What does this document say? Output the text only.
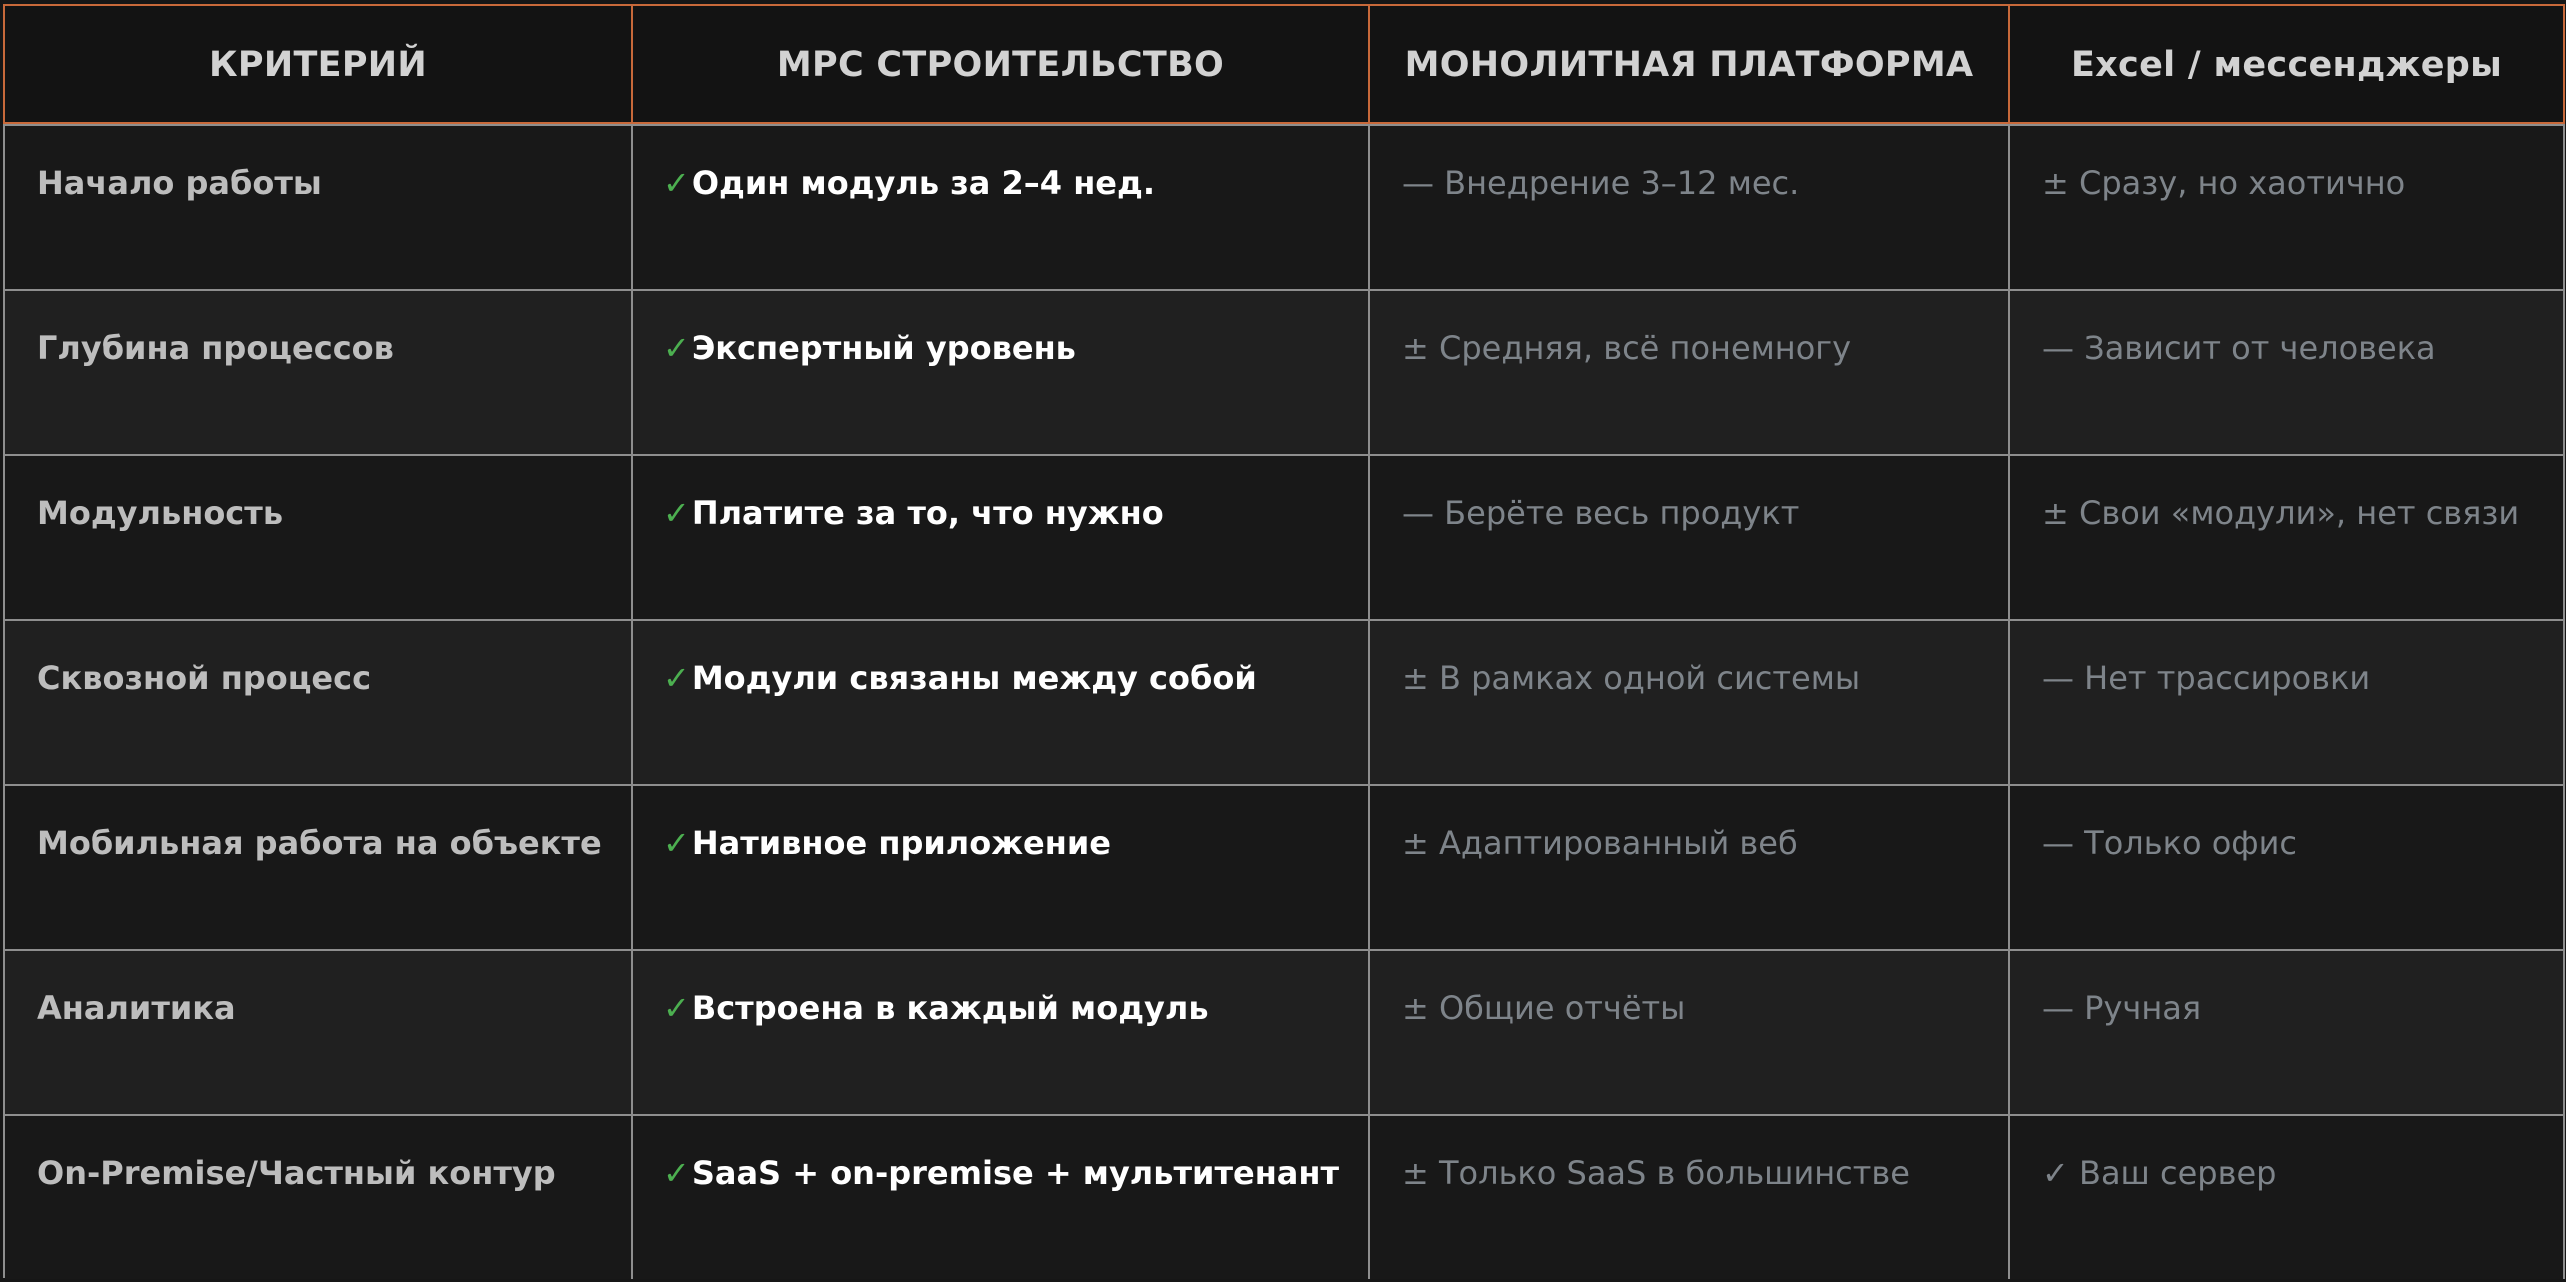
КРИТЕРИЙ	МРС СТРОИТЕЛЬСТВО	МОНОЛИТНАЯ ПЛАТФОРМА	Excel / мессенджеры
Начало работы	✓Один модуль за 2–4 нед.	— Внедрение 3–12 мес.	± Сразу, но хаотично
Глубина процессов	✓Экспертный уровень	± Средняя, всё понемногу	— Зависит от человека
Модульность	✓Платите за то, что нужно	— Берёте весь продукт	± Свои «модули», нет связи
Сквозной процесс	✓Модули связаны между собой	± В рамках одной системы	— Нет трассировки
Мобильная работа на объекте	✓Нативное приложение	± Адаптированный веб	— Только офис
Аналитика	✓Встроена в каждый модуль	± Общие отчёты	— Ручная
On-Premise/Частный контур	✓SaaS + on-premise + мультитенант	± Только SaaS в большинстве	✓ Ваш сервер
